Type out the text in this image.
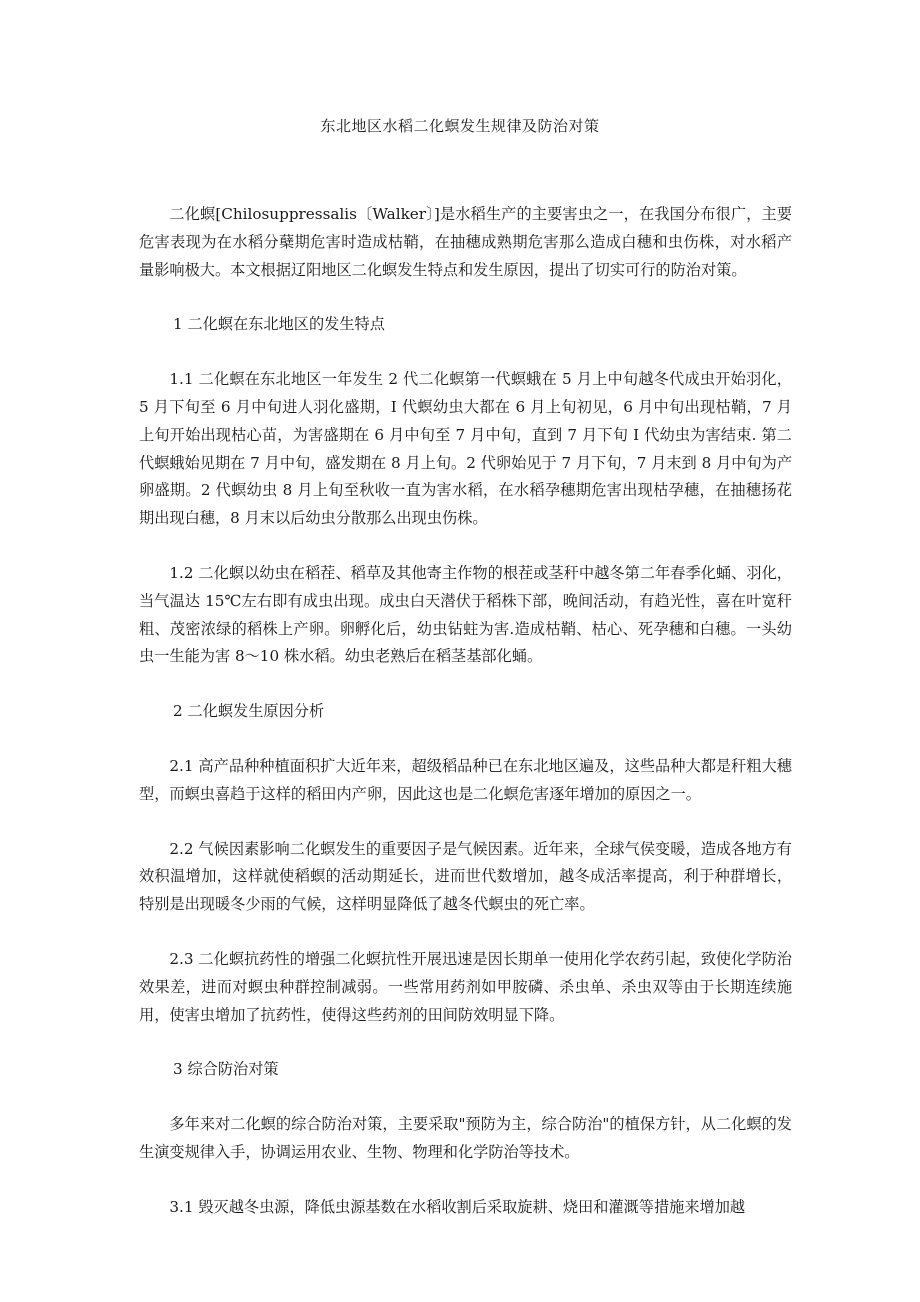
东北地区水稻二化螟发生规律及防治对策

二化螟[Chilosuppressalis〔Walker〕]是水稻生产的主要害虫之一，在我国分布很广，主要危害表现为在水稻分蘖期危害时造成枯鞘，在抽穗成熟期危害那么造成白穗和虫伤株，对水稻产量影响极大。本文根据辽阳地区二化螟发生特点和发生原因，提出了切实可行的防治对策。

1 二化螟在东北地区的发生特点

1.1 二化螟在东北地区一年发生 2 代二化螟第一代螟蛾在 5 月上中旬越冬代成虫开始羽化，5 月下旬至 6 月中旬进人羽化盛期，I 代螟幼虫大都在 6 月上旬初见，6 月中旬出现枯鞘，7 月上旬开始出现枯心苗，为害盛期在 6 月中旬至 7 月中旬，直到 7 月下旬 I 代幼虫为害结束. 第二代螟蛾始见期在 7 月中旬，盛发期在 8 月上旬。2 代卵始见于 7 月下旬，7 月末到 8 月中旬为产卵盛期。2 代螟幼虫 8 月上旬至秋收一直为害水稻，在水稻孕穗期危害出现枯孕穗，在抽穗扬花期出现白穗，8 月末以后幼虫分散那么出现虫伤株。

1.2 二化螟以幼虫在稻茬、稻草及其他寄主作物的根茬或茎秆中越冬第二年春季化蛹、羽化，当气温达 15℃左右即有成虫出现。成虫白天潜伏于稻株下部，晚间活动，有趋光性，喜在叶宽秆粗、茂密浓绿的稻株上产卵。卵孵化后，幼虫钻蛀为害.造成枯鞘、枯心、死孕穗和白穗。一头幼虫一生能为害 8～10 株水稻。幼虫老熟后在稻茎基部化蛹。

2 二化螟发生原因分析

2.1 高产品种种植面积扩大近年来，超级稻品种已在东北地区遍及，这些品种大都是秆粗大穗型，而螟虫喜趋于这样的稻田内产卵，因此这也是二化螟危害逐年增加的原因之一。

2.2 气候因素影响二化螟发生的重要因子是气候因素。近年来，全球气侯变暖，造成各地方有效积温增加，这样就使稻螟的活动期延长，进而世代数增加，越冬成活率提高，利于种群增长，特别是出现暖冬少雨的气候，这样明显降低了越冬代螟虫的死亡率。

2.3 二化螟抗药性的增强二化螟抗性开展迅速是因长期单一使用化学农药引起，致使化学防治效果差，进而对螟虫种群控制减弱。一些常用药剂如甲胺磷、杀虫单、杀虫双等由于长期连续施用，使害虫增加了抗药性，使得这些药剂的田间防效明显下降。

3 综合防治对策

多年来对二化螟的综合防治对策，主要采取"预防为主，综合防治"的植保方针，从二化螟的发生演变规律入手，协调运用农业、生物、物理和化学防治等技术。

3.1 毁灭越冬虫源，降低虫源基数在水稻收割后采取旋耕、烧田和灌溉等措施来增加越
